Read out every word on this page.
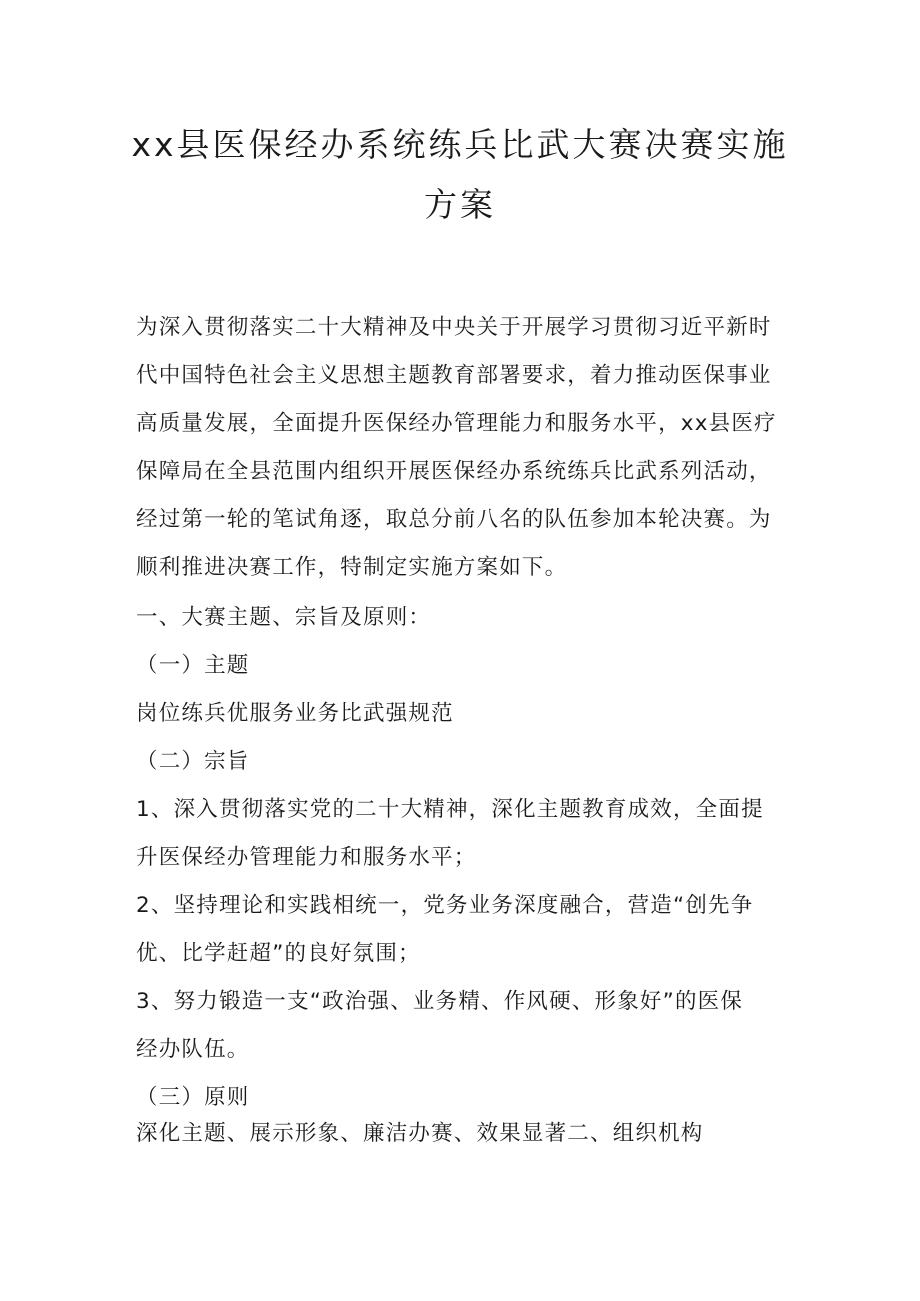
xx县医保经办系统练兵比武大赛决赛实施
方案
为深入贯彻落实二十大精神及中央关于开展学习贯彻习近平新时
代中国特色社会主义思想主题教育部署要求，着力推动医保事业
高质量发展，全面提升医保经办管理能力和服务水平，xx县医疗
保障局在全县范围内组织开展医保经办系统练兵比武系列活动，
经过第一轮的笔试角逐，取总分前八名的队伍参加本轮决赛。为
顺利推进决赛工作，特制定实施方案如下。
一、大赛主题、宗旨及原则：
（一）主题
岗位练兵优服务业务比武强规范
（二）宗旨
1、深入贯彻落实党的二十大精神，深化主题教育成效，全面提
升医保经办管理能力和服务水平；
2、坚持理论和实践相统一，党务业务深度融合，营造“创先争
优、比学赶超”的良好氛围；
3、努力锻造一支“政治强、业务精、作风硬、形象好”的医保
经办队伍。
（三）原则
深化主题、展示形象、廉洁办赛、效果显著二、组织机构
